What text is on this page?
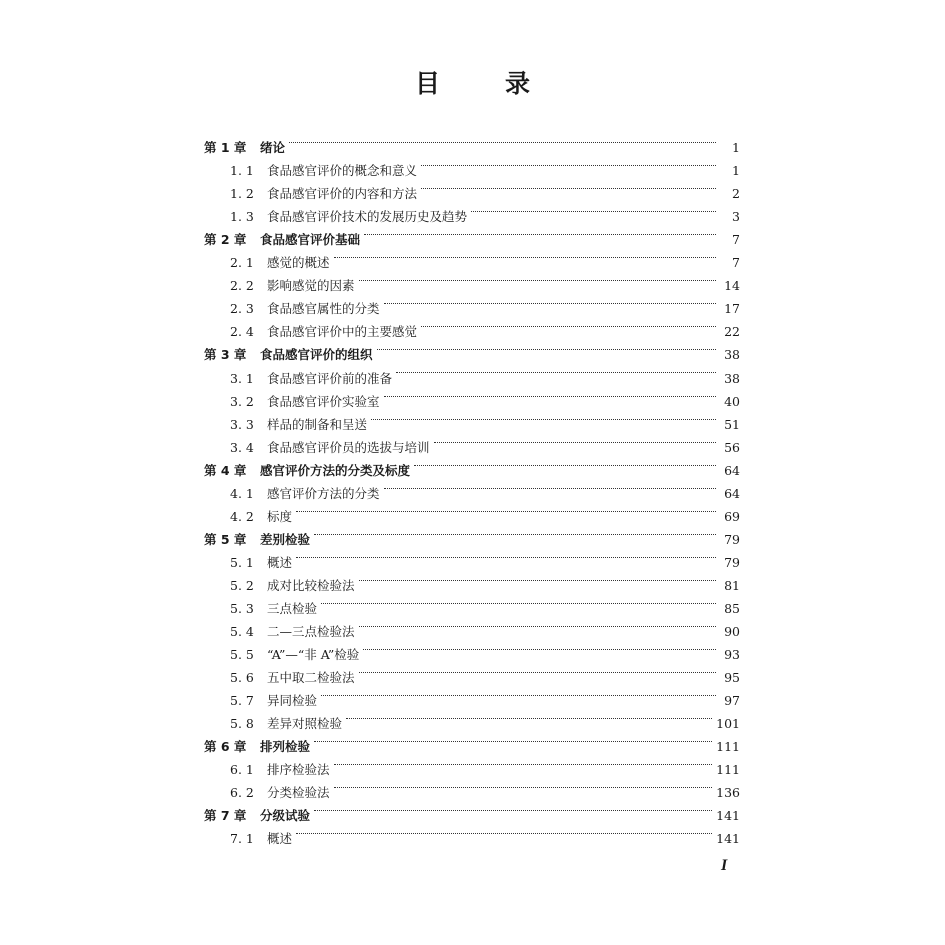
目　录
第 1 章	绪论	1
1. 1	食品感官评价的概念和意义	1
1. 2	食品感官评价的内容和方法	2
1. 3	食品感官评价技术的发展历史及趋势	3
第 2 章	食品感官评价基础	7
2. 1	感觉的概述	7
2. 2	影响感觉的因素	14
2. 3	食品感官属性的分类	17
2. 4	食品感官评价中的主要感觉	22
第 3 章	食品感官评价的组织	38
3. 1	食品感官评价前的准备	38
3. 2	食品感官评价实验室	40
3. 3	样品的制备和呈送	51
3. 4	食品感官评价员的选拔与培训	56
第 4 章	感官评价方法的分类及标度	64
4. 1	感官评价方法的分类	64
4. 2	标度	69
第 5 章	差别检验	79
5. 1	概述	79
5. 2	成对比较检验法	81
5. 3	三点检验	85
5. 4	二—三点检验法	90
5. 5	“A”—“非 A”检验	93
5. 6	五中取二检验法	95
5. 7	异同检验	97
5. 8	差异对照检验	101
第 6 章	排列检验	111
6. 1	排序检验法	111
6. 2	分类检验法	136
第 7 章	分级试验	141
7. 1	概述	141
I
